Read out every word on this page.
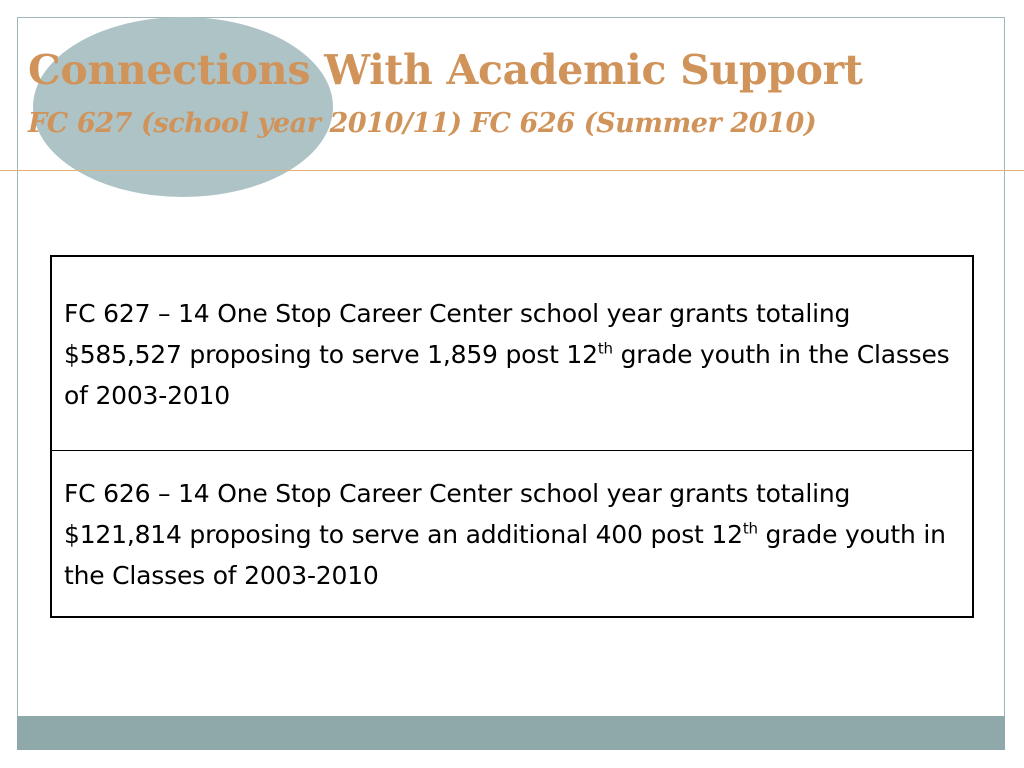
Connections With Academic Support
FC 627 (school year 2010/11) FC 626 (Summer 2010)
FC 627 – 14 One Stop Career Center school year grants totaling $585,527 proposing to serve 1,859 post 12th grade youth in the Classes of 2003-2010
FC 626 – 14 One Stop Career Center school year grants totaling $121,814 proposing to serve an additional 400 post 12th grade youth in the Classes of 2003-2010
